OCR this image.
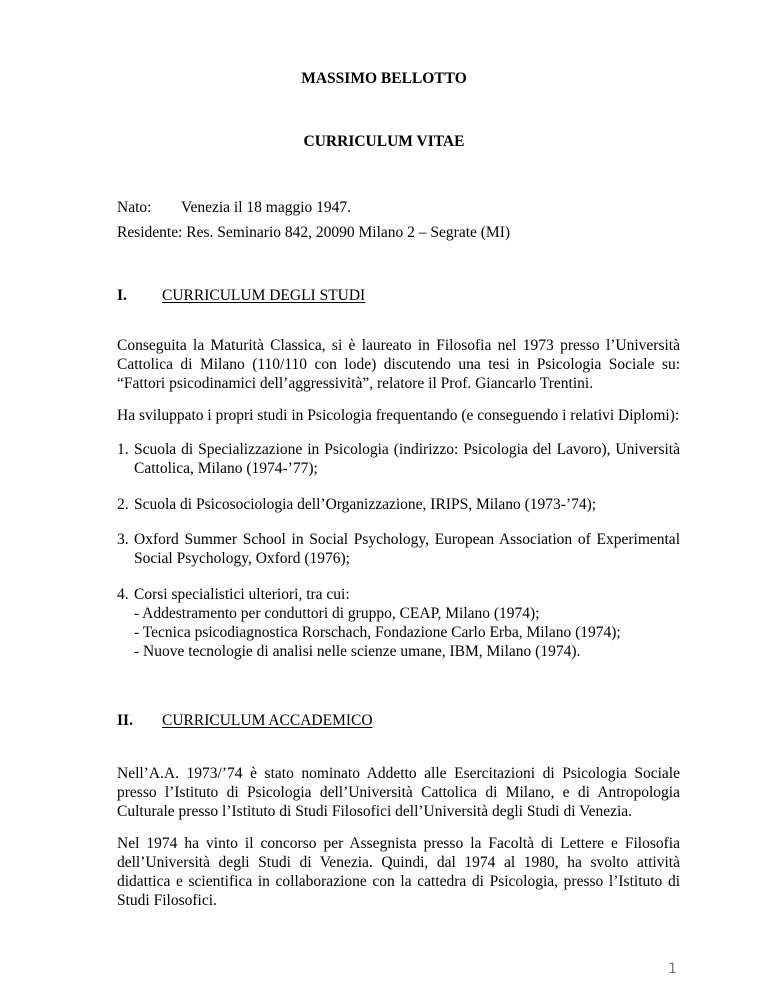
MASSIMO BELLOTTO
CURRICULUM VITAE
Nato: Venezia il 18 maggio 1947.
Residente: Res. Seminario 842, 20090 Milano 2 – Segrate (MI)
I. CURRICULUM DEGLI STUDI
Conseguita la Maturità Classica, si è laureato in Filosofia nel 1973 presso l’Università Cattolica di Milano (110/110 con lode) discutendo una tesi in Psicologia Sociale su: “Fattori psicodinamici dell’aggressività”, relatore il Prof. Giancarlo Trentini.
Ha sviluppato i propri studi in Psicologia frequentando (e conseguendo i relativi Diplomi):
1. Scuola di Specializzazione in Psicologia (indirizzo: Psicologia del Lavoro), Università Cattolica, Milano (1974-’77);
2. Scuola di Psicosociologia dell’Organizzazione, IRIPS, Milano (1973-’74);
3. Oxford Summer School in Social Psychology, European Association of Experimental Social Psychology, Oxford (1976);
4. Corsi specialistici ulteriori, tra cui:
- Addestramento per conduttori di gruppo, CEAP, Milano (1974);
- Tecnica psicodiagnostica Rorschach, Fondazione Carlo Erba, Milano (1974);
- Nuove tecnologie di analisi nelle scienze umane, IBM, Milano (1974).
II. CURRICULUM ACCADEMICO
Nell’A.A. 1973/’74 è stato nominato Addetto alle Esercitazioni di Psicologia Sociale presso l’Istituto di Psicologia dell’Università Cattolica di Milano, e di Antropologia Culturale presso l’Istituto di Studi Filosofici dell’Università degli Studi di Venezia.
Nel 1974 ha vinto il concorso per Assegnista presso la Facoltà di Lettere e Filosofia dell’Università degli Studi di Venezia. Quindi, dal 1974 al 1980, ha svolto attività didattica e scientifica in collaborazione con la cattedra di Psicologia, presso l’Istituto di Studi Filosofici.
1
